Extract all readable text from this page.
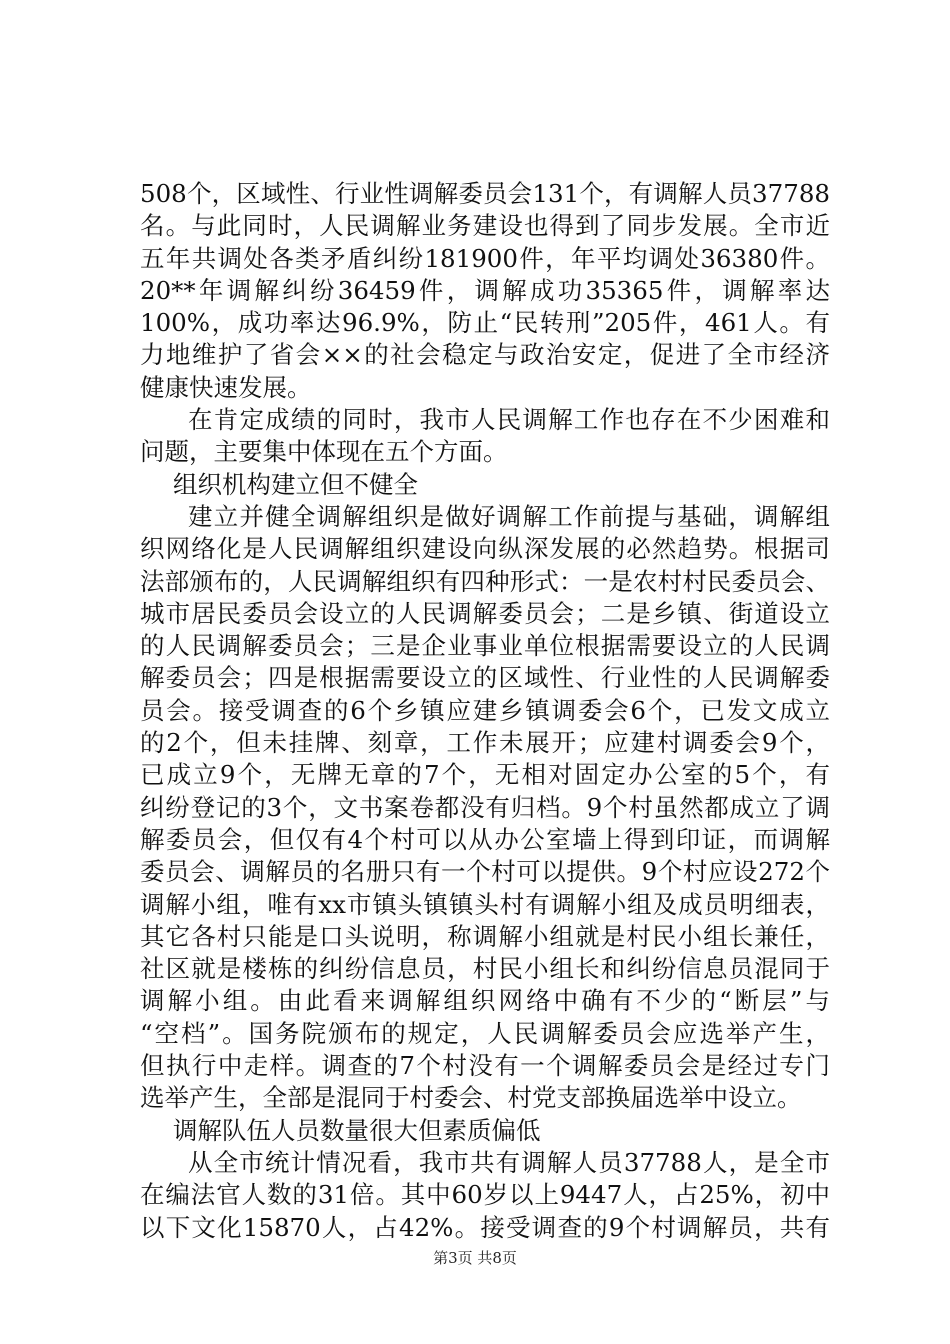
508个，区域性、行业性调解委员会131个，有调解人员37788
名。与此同时，人民调解业务建设也得到了同步发展。全市近
五年共调处各类矛盾纠纷181900件，年平均调处36380件。
20**年调解纠纷36459件，调解成功35365件，调解率达
100%，成功率达96.9%，防止“民转刑”205件，461人。有
力地维护了省会××的社会稳定与政治安定，促进了全市经济
健康快速发展。
在肯定成绩的同时，我市人民调解工作也存在不少困难和
问题，主要集中体现在五个方面。
组织机构建立但不健全
建立并健全调解组织是做好调解工作前提与基础，调解组
织网络化是人民调解组织建设向纵深发展的必然趋势。根据司
法部颁布的，人民调解组织有四种形式：一是农村村民委员会、
城市居民委员会设立的人民调解委员会；二是乡镇、街道设立
的人民调解委员会；三是企业事业单位根据需要设立的人民调
解委员会；四是根据需要设立的区域性、行业性的人民调解委
员会。接受调查的6个乡镇应建乡镇调委会6个，已发文成立
的2个，但未挂牌、刻章，工作未展开；应建村调委会9个，
已成立9个，无牌无章的7个，无相对固定办公室的5个，有
纠纷登记的3个，文书案卷都没有归档。9个村虽然都成立了调
解委员会，但仅有4个村可以从办公室墙上得到印证，而调解
委员会、调解员的名册只有一个村可以提供。9个村应设272个
调解小组，唯有xx市镇头镇镇头村有调解小组及成员明细表，
其它各村只能是口头说明，称调解小组就是村民小组长兼任，
社区就是楼栋的纠纷信息员，村民小组长和纠纷信息员混同于
调解小组。由此看来调解组织网络中确有不少的“断层”与
“空档”。国务院颁布的规定，人民调解委员会应选举产生，
但执行中走样。调查的7个村没有一个调解委员会是经过专门
选举产生，全部是混同于村委会、村党支部换届选举中设立。
调解队伍人员数量很大但素质偏低
从全市统计情况看，我市共有调解人员37788人，是全市
在编法官人数的31倍。其中60岁以上9447人，占25%，初中
以下文化15870人，占42%。接受调查的9个村调解员，共有
第3页 共8页
